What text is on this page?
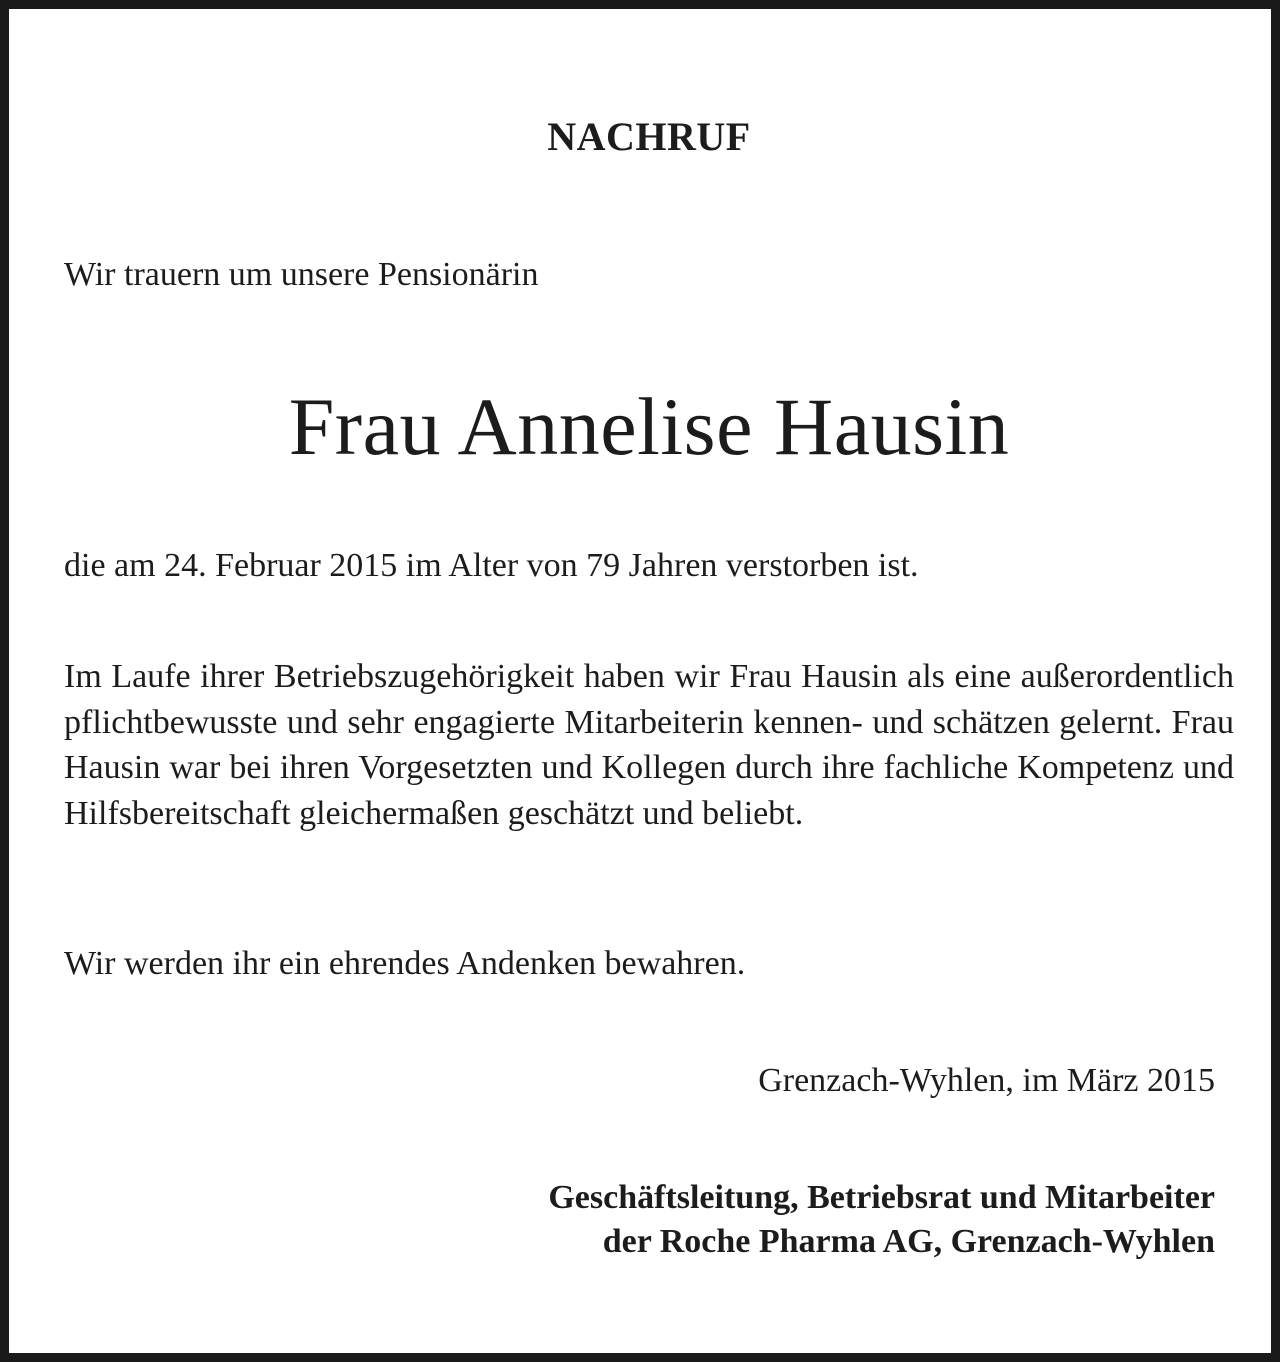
NACHRUF
Wir trauern um unsere Pensionärin
Frau Annelise Hausin
die am 24. Februar 2015 im Alter von 79 Jahren verstorben ist.
Im Laufe ihrer Betriebszugehörigkeit haben wir Frau Hausin als eine außerordentlich pflichtbewusste und sehr engagierte Mitarbeiterin kennen- und schätzen gelernt. Frau Hausin war bei ihren Vorgesetzten und Kollegen durch ihre fachliche Kompetenz und Hilfsbereitschaft gleichermaßen geschätzt und beliebt.
Wir werden ihr ein ehrendes Andenken bewahren.
Grenzach-Wyhlen, im März 2015
Geschäftsleitung, Betriebsrat und Mitarbeiter
der Roche Pharma AG, Grenzach-Wyhlen
